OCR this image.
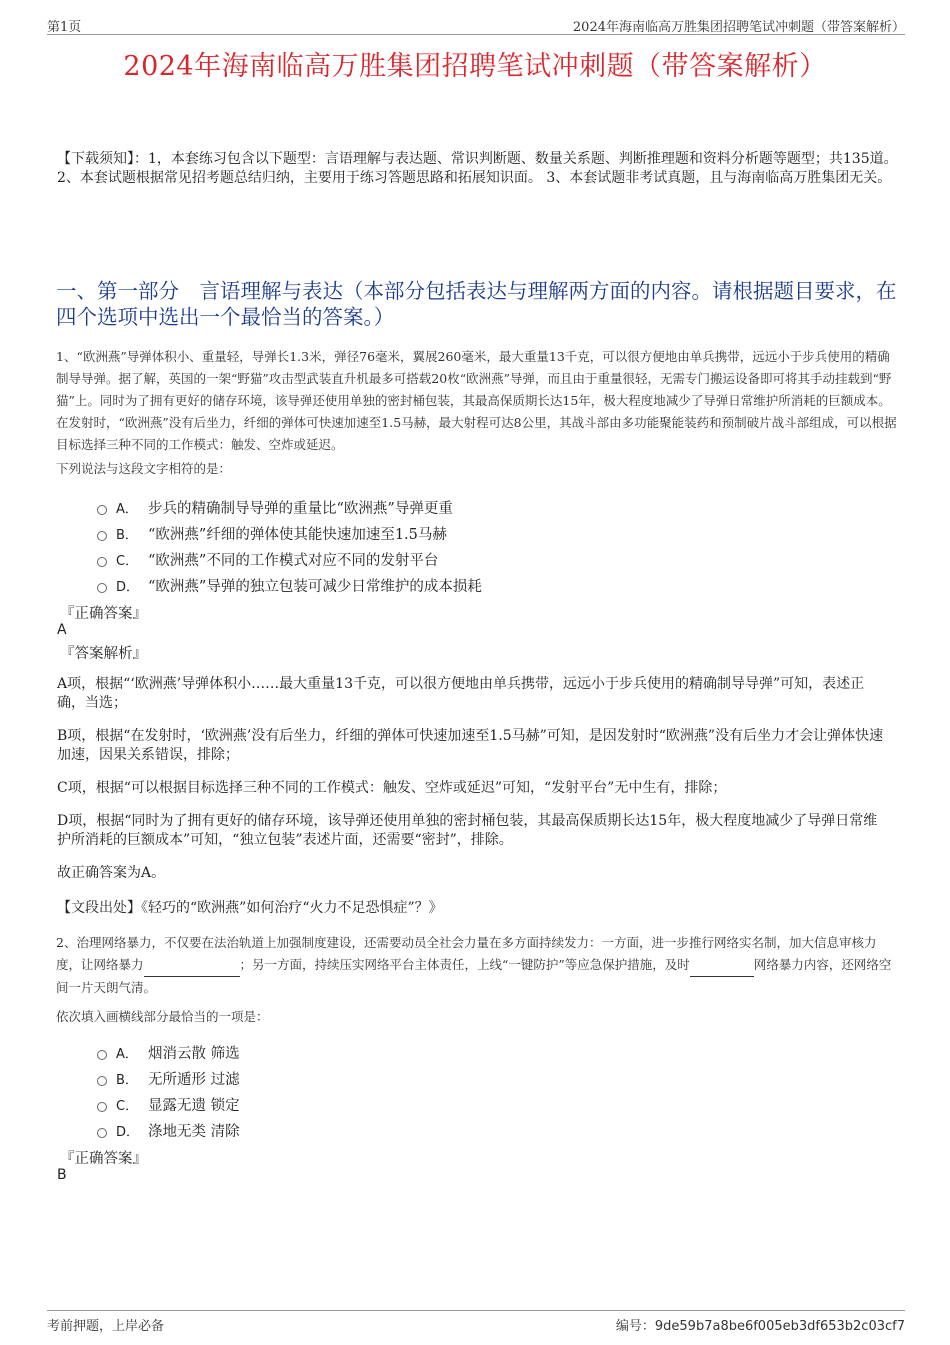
第1页	2024年海南临高万胜集团招聘笔试冲刺题（带答案解析）
2024年海南临高万胜集团招聘笔试冲刺题（带答案解析）
【下载须知】：1，本套练习包含以下题型：言语理解与表达题、常识判断题、数量关系题、判断推理题和资料分析题等题型；共135道。 2、本套试题根据常见招考题总结归纳，主要用于练习答题思路和拓展知识面。 3、本套试题非考试真题，且与海南临高万胜集团无关。
一、第一部分　言语理解与表达（本部分包括表达与理解两方面的内容。请根据题目要求，在四个选项中选出一个最恰当的答案。）

1、“欧洲燕”导弹体积小、重量轻，导弹长1.3米，弹径76毫米，翼展260毫米，最大重量13千克，可以很方便地由单兵携带，远远小于步兵使用的精确制导导弹。据了解，英国的一架“野猫”攻击型武装直升机最多可搭载20枚“欧洲燕”导弹，而且由于重量很轻，无需专门搬运设备即可将其手动挂载到“野猫”上。同时为了拥有更好的储存环境，该导弹还使用单独的密封桶包装，其最高保质期长达15年，极大程度地减少了导弹日常维护所消耗的巨额成本。在发射时，“欧洲燕”没有后坐力，纤细的弹体可快速加速至1.5马赫，最大射程可达8公里，其战斗部由多功能聚能装药和预制破片战斗部组成，可以根据目标选择三种不同的工作模式：触发、空炸或延迟。

下列说法与这段文字相符的是：

A． 步兵的精确制导导弹的重量比“欧洲燕”导弹更重
B． “欧洲燕”纤细的弹体使其能快速加速至1.5马赫
C． “欧洲燕”不同的工作模式对应不同的发射平台
D． “欧洲燕”导弹的独立包装可减少日常维护的成本损耗
『正确答案』
A
『答案解析』

A项，根据“‘欧洲燕’导弹体积小……最大重量13千克，可以很方便地由单兵携带，远远小于步兵使用的精确制导导弹”可知，表述正确，当选；

B项，根据“在发射时，‘欧洲燕’没有后坐力，纤细的弹体可快速加速至1.5马赫”可知，是因发射时“欧洲燕”没有后坐力才会让弹体快速加速，因果关系错误，排除；

C项，根据“可以根据目标选择三种不同的工作模式：触发、空炸或延迟”可知，“发射平台”无中生有，排除；

D项，根据“同时为了拥有更好的储存环境，该导弹还使用单独的密封桶包装，其最高保质期长达15年，极大程度地减少了导弹日常维护所消耗的巨额成本”可知，“独立包装”表述片面，还需要“密封”，排除。

故正确答案为A。

【文段出处】《轻巧的“欧洲燕”如何治疗“火力不足恐惧症”？》

2、治理网络暴力，不仅要在法治轨道上加强制度建设，还需要动员全社会力量在多方面持续发力：一方面，进一步推行网络实名制，加大信息审核力度，让网络暴力	；另一方面，持续压实网络平台主体责任，上线“一键防护”等应急保护措施，及时	网络暴力内容，还网络空间一片天朗气清。

依次填入画横线部分最恰当的一项是：

A． 烟消云散 筛选
B． 无所遁形 过滤
C． 显露无遗 锁定
D． 涤地无类 清除
『正确答案』
B
考前押题，上岸必备	编号：9de59b7a8be6f005eb3df653b2c03cf7
